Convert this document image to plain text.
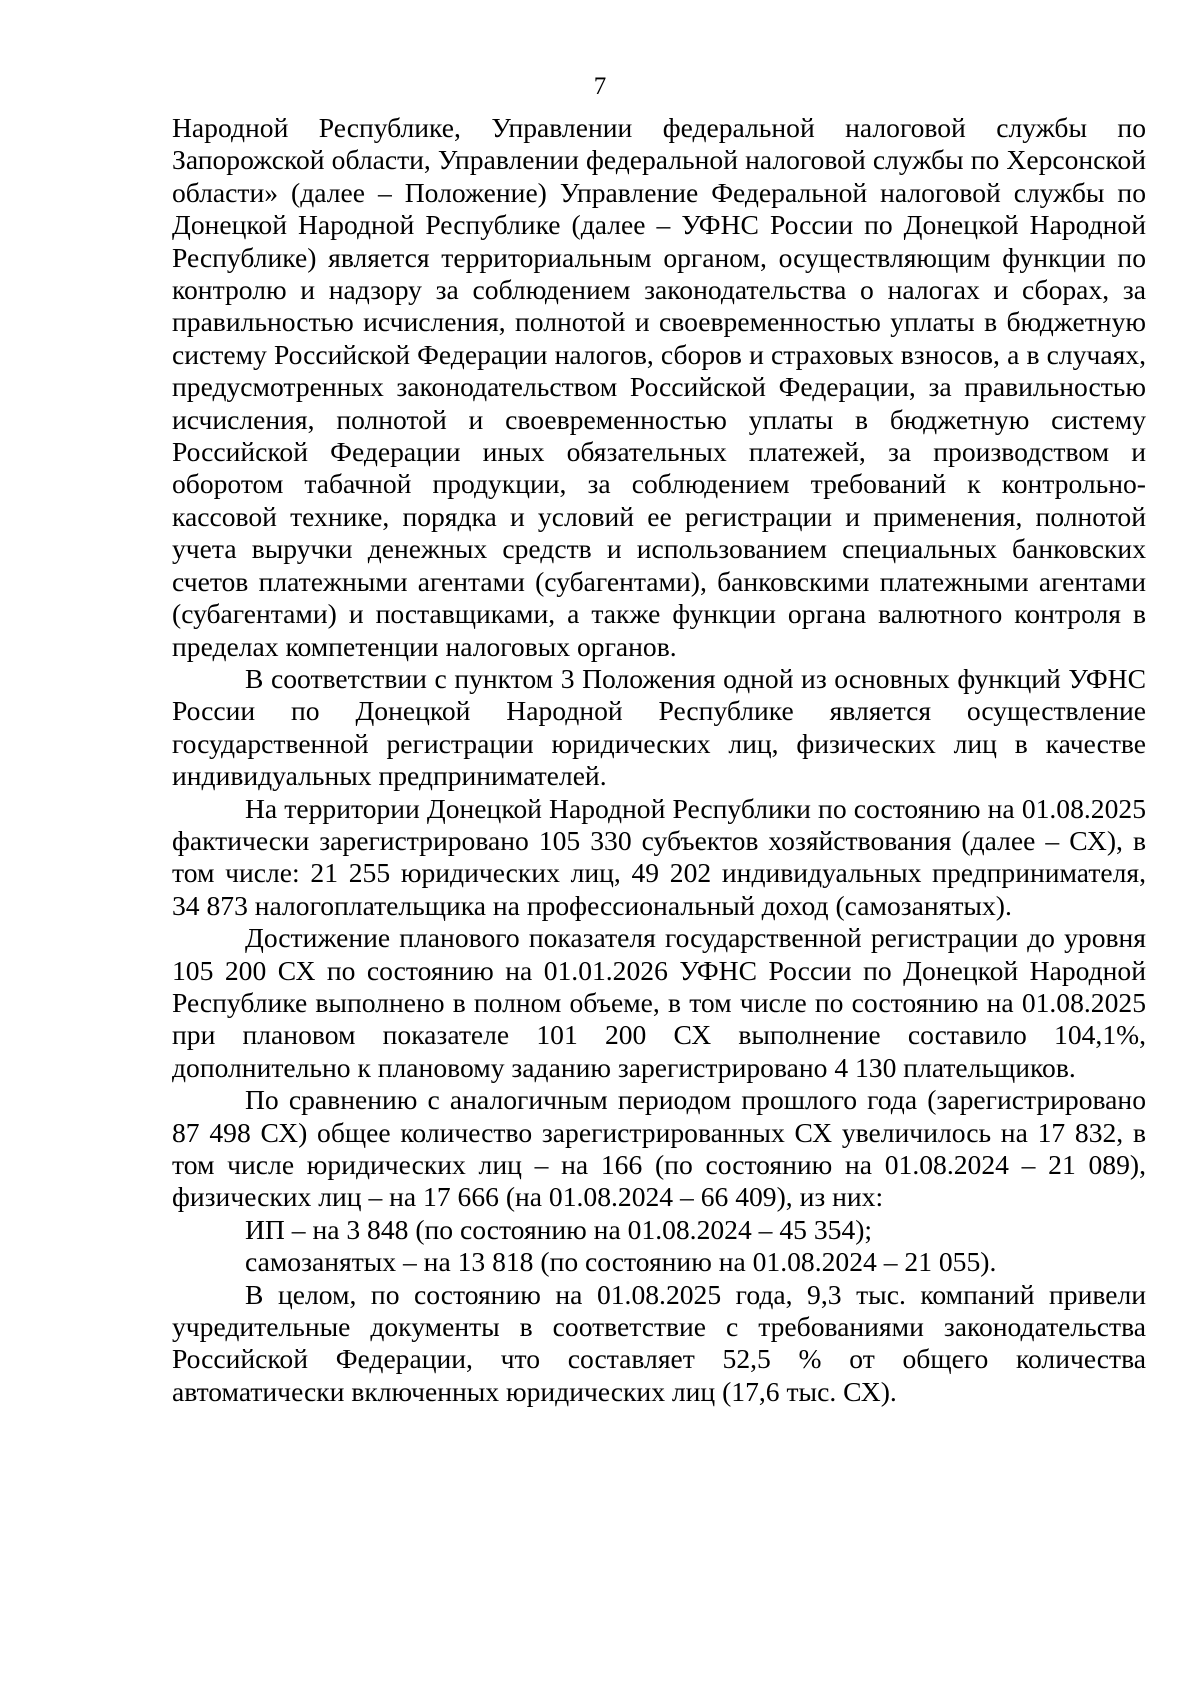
7

Народной Республике, Управлении федеральной налоговой службы по Запорожской области, Управлении федеральной налоговой службы по Херсонской области» (далее – Положение) Управление Федеральной налоговой службы по Донецкой Народной Республике (далее – УФНС России по Донецкой Народной Республике) является территориальным органом, осуществляющим функции по контролю и надзору за соблюдением законодательства о налогах и сборах, за правильностью исчисления, полнотой и своевременностью уплаты в бюджетную систему Российской Федерации налогов, сборов и страховых взносов, а в случаях, предусмотренных законодательством Российской Федерации, за правильностью исчисления, полнотой и своевременностью уплаты в бюджетную систему Российской Федерации иных обязательных платежей, за производством и оборотом табачной продукции, за соблюдением требований к контрольно-кассовой технике, порядка и условий ее регистрации и применения, полнотой учета выручки денежных средств и использованием специальных банковских счетов платежными агентами (субагентами), банковскими платежными агентами (субагентами) и поставщиками, а также функции органа валютного контроля в пределах компетенции налоговых органов.

В соответствии с пунктом 3 Положения одной из основных функций УФНС России по Донецкой Народной Республике является осуществление государственной регистрации юридических лиц, физических лиц в качестве индивидуальных предпринимателей.

На территории Донецкой Народной Республики по состоянию на 01.08.2025 фактически зарегистрировано 105 330 субъектов хозяйствования (далее – СХ), в том числе: 21 255 юридических лиц, 49 202 индивидуальных предпринимателя, 34 873 налогоплательщика на профессиональный доход (самозанятых).

Достижение планового показателя государственной регистрации до уровня 105 200 СХ по состоянию на 01.01.2026 УФНС России по Донецкой Народной Республике выполнено в полном объеме, в том числе по состоянию на 01.08.2025 при плановом показателе 101 200 СХ выполнение составило 104,1%, дополнительно к плановому заданию зарегистрировано 4 130 плательщиков.

По сравнению с аналогичным периодом прошлого года (зарегистрировано 87 498 СХ) общее количество зарегистрированных СХ увеличилось на 17 832, в том числе юридических лиц – на 166 (по состоянию на 01.08.2024 – 21 089), физических лиц – на 17 666 (на 01.08.2024 – 66 409), из них:

ИП – на 3 848 (по состоянию на 01.08.2024 – 45 354);

самозанятых – на 13 818 (по состоянию на 01.08.2024 – 21 055).

В целом, по состоянию на 01.08.2025 года, 9,3 тыс. компаний привели учредительные документы в соответствие с требованиями законодательства Российской Федерации, что составляет 52,5 % от общего количества автоматически включенных юридических лиц (17,6 тыс. СХ).
